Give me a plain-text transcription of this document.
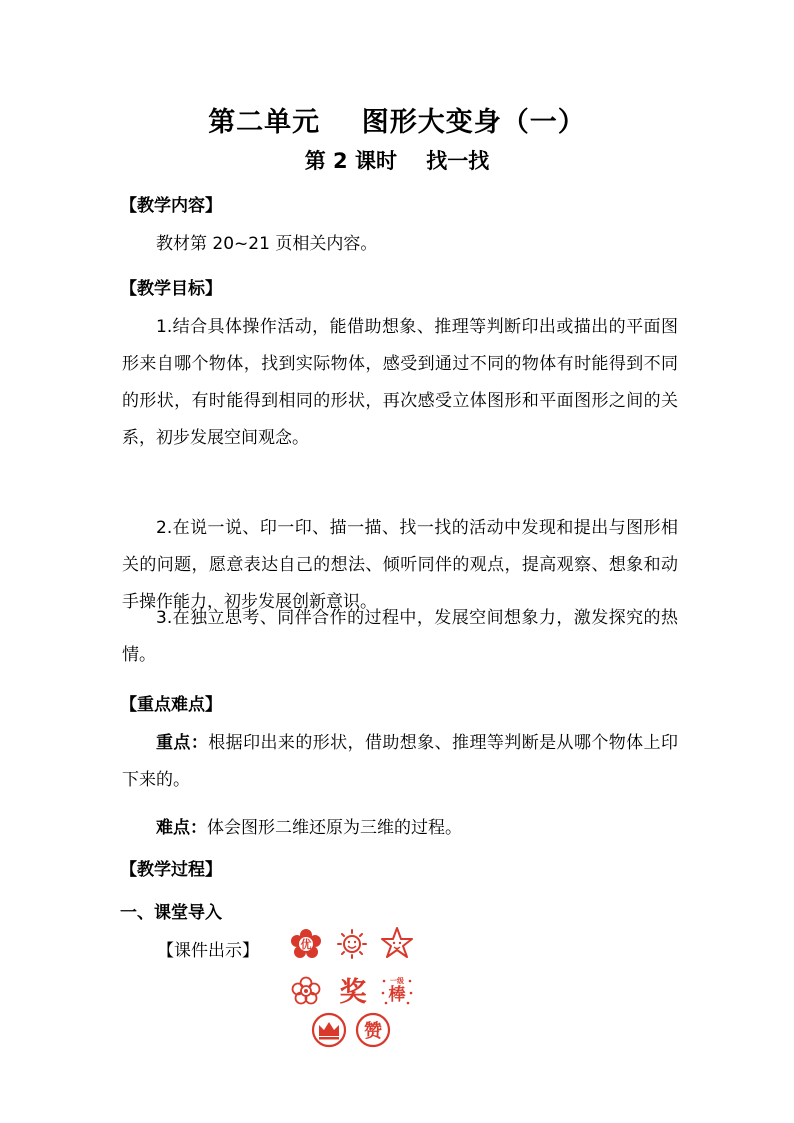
第二单元    图形大变身（一）
第 2 课时    找一找
【教学内容】
教材第 20~21 页相关内容。
【教学目标】
1.结合具体操作活动，能借助想象、推理等判断印出或描出的平面图形来自哪个物体，找到实际物体，感受到通过不同的物体有时能得到不同的形状，有时能得到相同的形状，再次感受立体图形和平面图形之间的关系，初步发展空间观念。
2.在说一说、印一印、描一描、找一找的活动中发现和提出与图形相关的问题，愿意表达自己的想法、倾听同伴的观点，提高观察、想象和动手操作能力，初步发展创新意识。
3.在独立思考、同伴合作的过程中，发展空间想象力，激发探究的热情。
【重点难点】
重点：根据印出来的形状，借助想象、推理等判断是从哪个物体上印下来的。
难点：体会图形二维还原为三维的过程。
【教学过程】
一、课堂导入
【课件出示】	优
奖	一级
棒
赞
